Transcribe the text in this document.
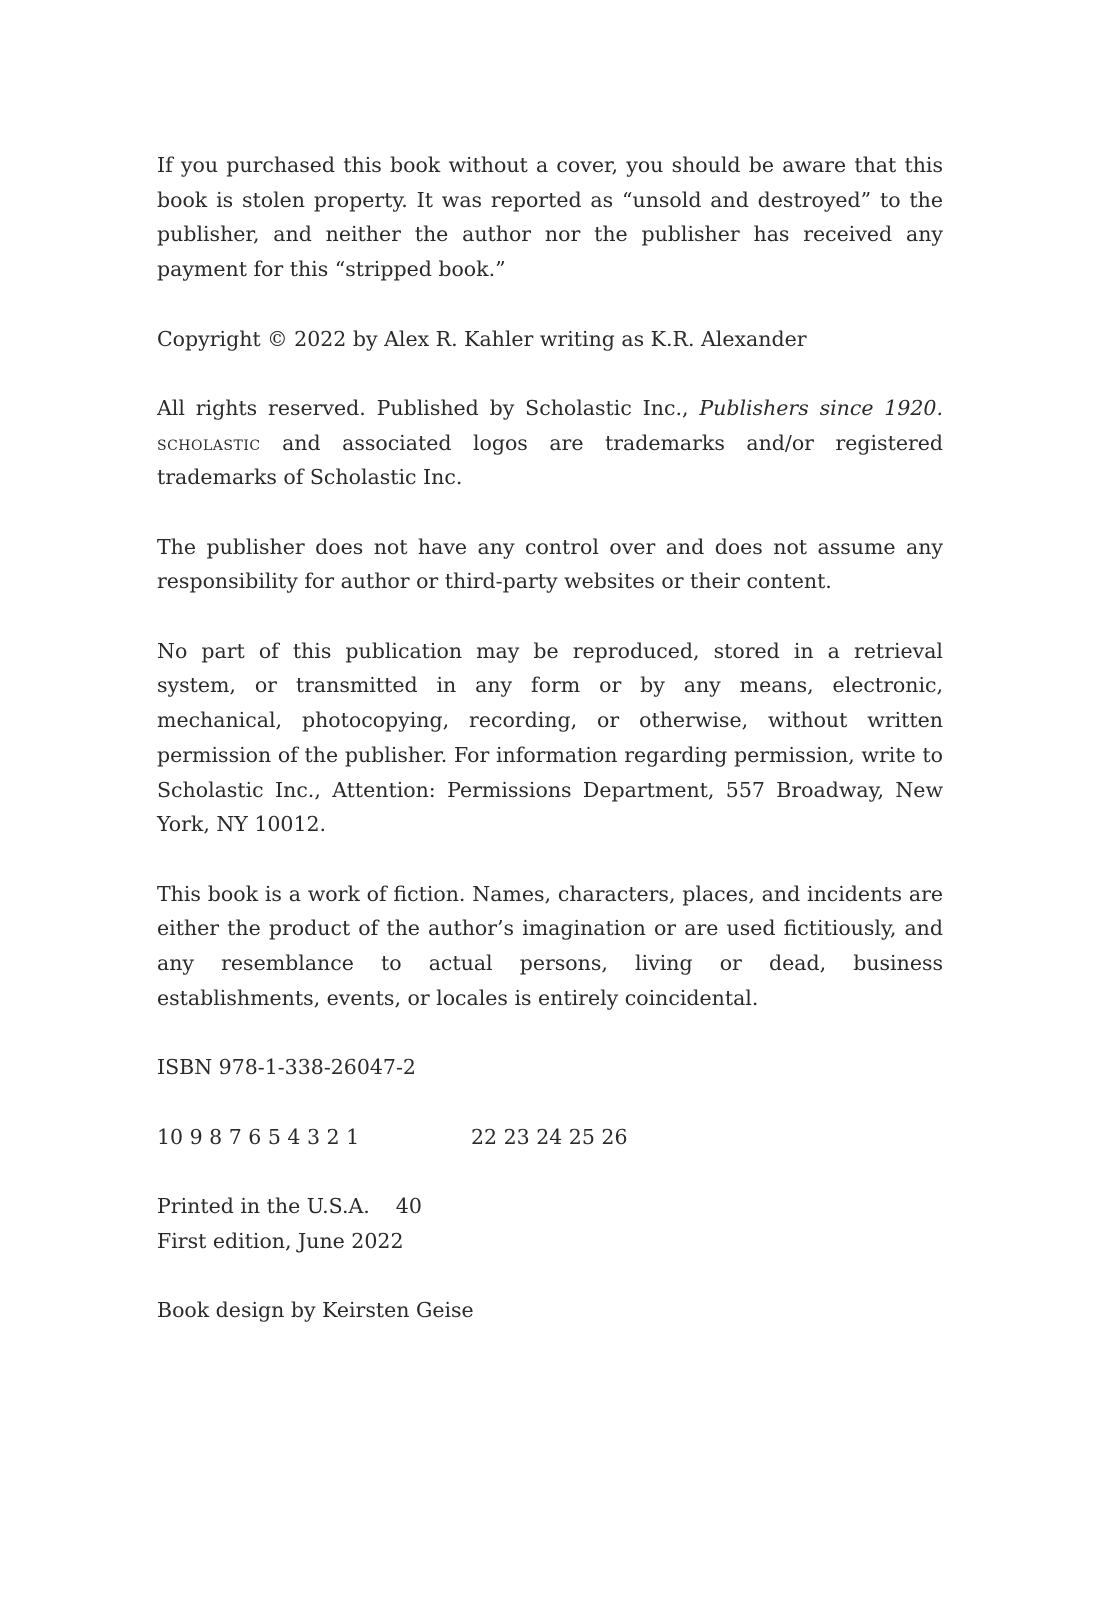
If you purchased this book without a cover, you should be aware that this book is stolen property. It was reported as “unsold and destroyed” to the publisher, and neither the author nor the publisher has received any payment for this “stripped book.”

Copyright © 2022 by Alex R. Kahler writing as K.R. Alexander

All rights reserved. Published by Scholastic Inc., Publishers since 1920. scholastic and associated logos are trademarks and/or registered trademarks of Scholastic Inc.

The publisher does not have any control over and does not assume any responsibility for author or third-party websites or their content.

No part of this publication may be reproduced, stored in a retrieval system, or transmitted in any form or by any means, electronic, mechanical, photocopying, recording, or otherwise, without written permission of the publisher. For information regarding permission, write to Scholastic Inc., Attention: Permissions Department, 557 Broadway, New York, NY 10012.

This book is a work of fiction. Names, characters, places, and incidents are either the product of the author’s imagination or are used fictitiously, and any resemblance to actual persons, living or dead, business establishments, events, or locales is entirely coincidental.

ISBN 978-1-338-26047-2

10 9 8 7 6 5 4 3 2 1	22 23 24 25 26

Printed in the U.S.A. 40
First edition, June 2022

Book design by Keirsten Geise
